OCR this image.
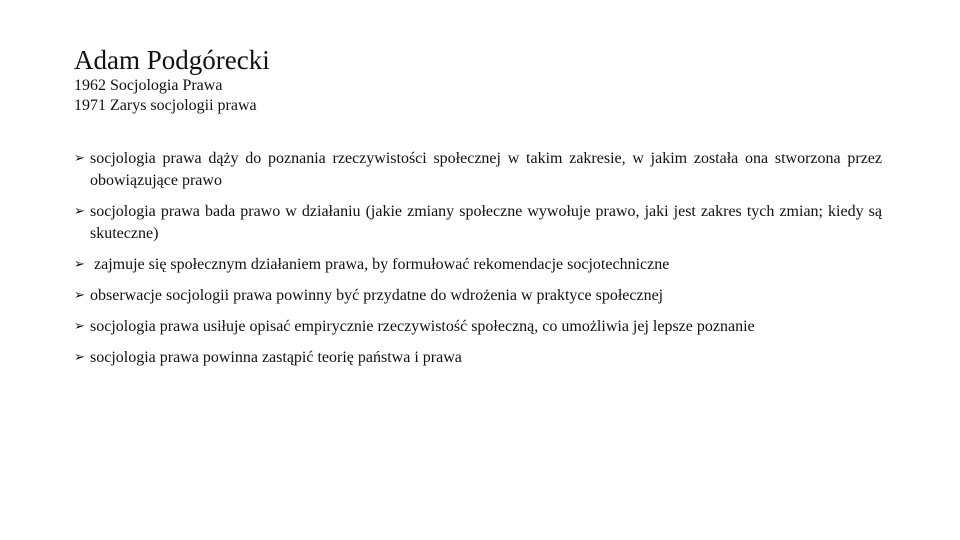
Adam Podgórecki
1962 Socjologia Prawa
1971 Zarys socjologii prawa
➢ socjologia prawa dąży do poznania rzeczywistości społecznej w takim zakresie, w jakim została ona stworzona przez obowiązujące prawo
➢ socjologia prawa bada prawo w działaniu (jakie zmiany społeczne wywołuje prawo, jaki jest zakres tych zmian; kiedy są skuteczne)
➢ zajmuje się społecznym działaniem prawa, by formułować rekomendacje socjotechniczne
➢ obserwacje socjologii prawa powinny być przydatne do wdrożenia w praktyce społecznej
➢ socjologia prawa usiłuje opisać empirycznie rzeczywistość społeczną, co umożliwia jej lepsze poznanie
➢ socjologia prawa powinna zastąpić teorię państwa i prawa
